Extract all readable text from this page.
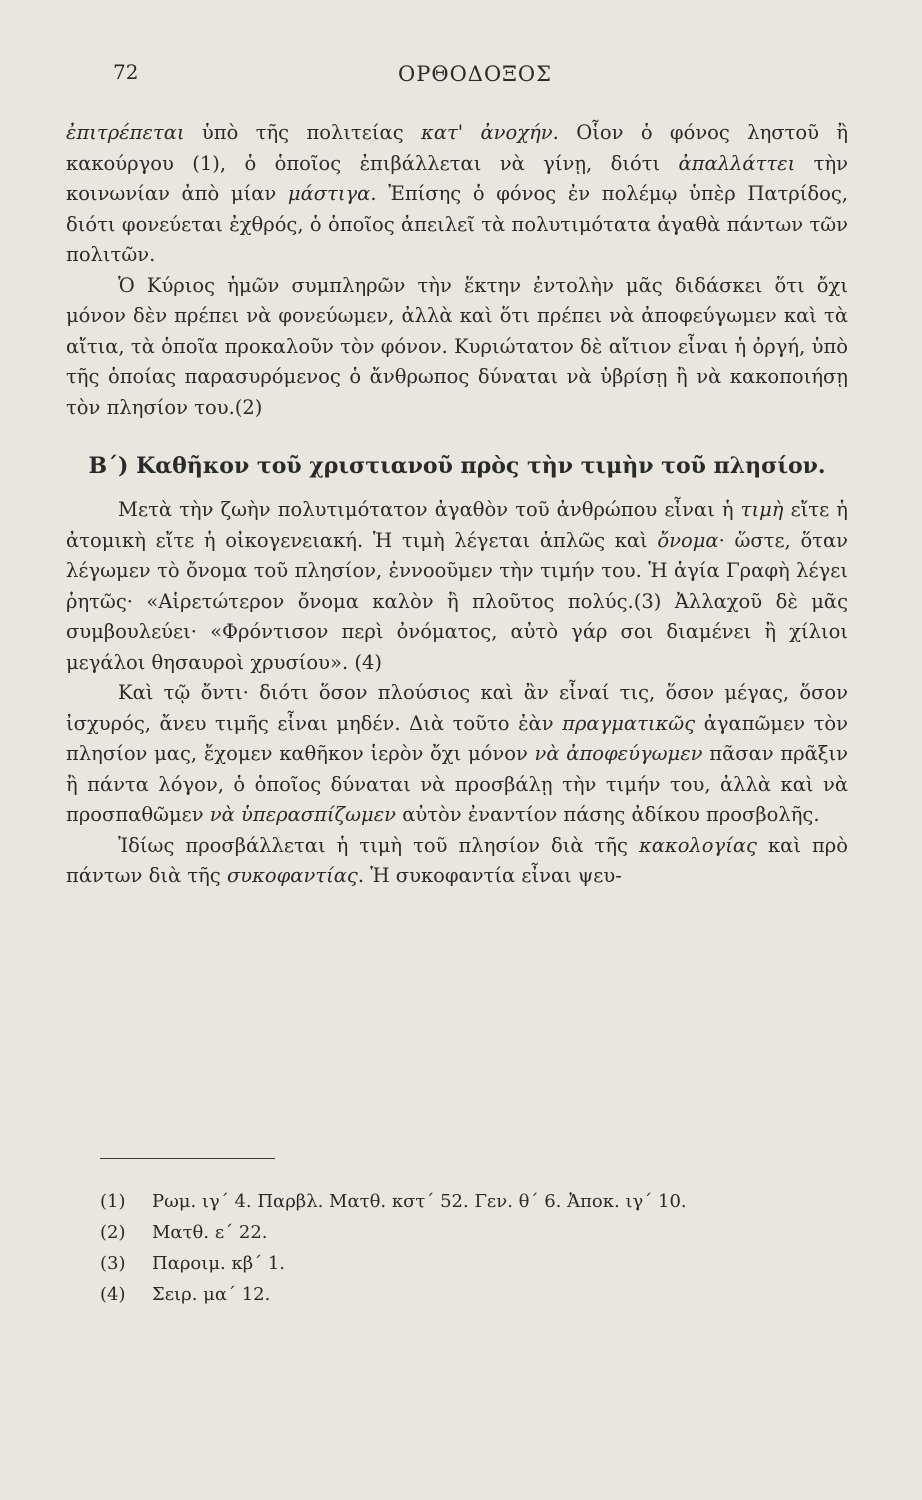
72	ΟΡΘΟΔΟΞΟΣ

ἐπιτρέπεται ὑπὸ τῆς πολιτείας κατ' ἀνοχήν. Οἷον ὁ φόνος ληστοῦ ἢ κακούργου (1), ὁ ὁποῖος ἐπιβάλλεται νὰ γίνῃ, διότι ἀπαλλάττει τὴν κοινωνίαν ἀπὸ μίαν μάστιγα. Ἐπίσης ὁ φόνος ἐν πολέμῳ ὑπὲρ Πατρίδος, διότι φονεύεται ἐχθρός, ὁ ὁποῖος ἀπειλεῖ τὰ πολυτιμότατα ἀγαθὰ πάντων τῶν πολιτῶν.

Ὁ Κύριος ἡμῶν συμπληρῶν τὴν ἕκτην ἐντολὴν μᾶς διδάσκει ὅτι ὄχι μόνον δὲν πρέπει νὰ φονεύωμεν, ἀλλὰ καὶ ὅτι πρέπει νὰ ἀποφεύγωμεν καὶ τὰ αἴτια, τὰ ὁποῖα προκαλοῦν τὸν φόνον. Κυριώτατον δὲ αἴτιον εἶναι ἡ ὀργή, ὑπὸ τῆς ὁποίας παρασυρόμενος ὁ ἄνθρωπος δύναται νὰ ὑβρίσῃ ἢ νὰ κακοποιήσῃ τὸν πλησίον του.(2)

Β΄) Καθῆκον τοῦ χριστιανοῦ πρὸς τὴν τιμὴν τοῦ πλησίον.

Μετὰ τὴν ζωὴν πολυτιμότατον ἀγαθὸν τοῦ ἀνθρώπου εἶναι ἡ τιμὴ εἴτε ἡ ἀτομικὴ εἴτε ἡ οἰκογενειακή. Ἡ τιμὴ λέγεται ἁπλῶς καὶ ὄνομα· ὥστε, ὅταν λέγωμεν τὸ ὄνομα τοῦ πλησίον, ἐννοοῦμεν τὴν τιμήν του. Ἡ ἁγία Γραφὴ λέγει ῥητῶς· «Αἱρετώτερον ὄνομα καλὸν ἢ πλοῦτος πολύς.(3) Ἀλλαχοῦ δὲ μᾶς συμβουλεύει· «Φρόντισον περὶ ὀνόματος, αὐτὸ γάρ σοι διαμένει ἢ χίλιοι μεγάλοι θησαυροὶ χρυσίου». (4)

Καὶ τῷ ὄντι· διότι ὅσον πλούσιος καὶ ἂν εἶναί τις, ὅσον μέγας, ὅσον ἰσχυρός, ἄνευ τιμῆς εἶναι μηδέν. Διὰ τοῦτο ἐὰν πραγματικῶς ἀγαπῶμεν τὸν πλησίον μας, ἔχομεν καθῆκον ἱερὸν ὄχι μόνον νὰ ἀποφεύγωμεν πᾶσαν πρᾶξιν ἢ πάντα λόγον, ὁ ὁποῖος δύναται νὰ προσβάλῃ τὴν τιμήν του, ἀλλὰ καὶ νὰ προσπαθῶμεν νὰ ὑπερασπίζωμεν αὐτὸν ἐναντίον πάσης ἀδίκου προσβολῆς.

Ἰδίως προσβάλλεται ἡ τιμὴ τοῦ πλησίον διὰ τῆς κακολογίας καὶ πρὸ πάντων διὰ τῆς συκοφαντίας. Ἡ συκοφαντία εἶναι ψευ-

(1) Ρωμ. ιγ΄ 4. Παρβλ. Ματθ. κστ΄ 52. Γεν. θ΄ 6. Ἀποκ. ιγ΄ 10.
(2) Ματθ. ε΄ 22.
(3) Παροιμ. κβ΄ 1.
(4) Σειρ. μα΄ 12.
